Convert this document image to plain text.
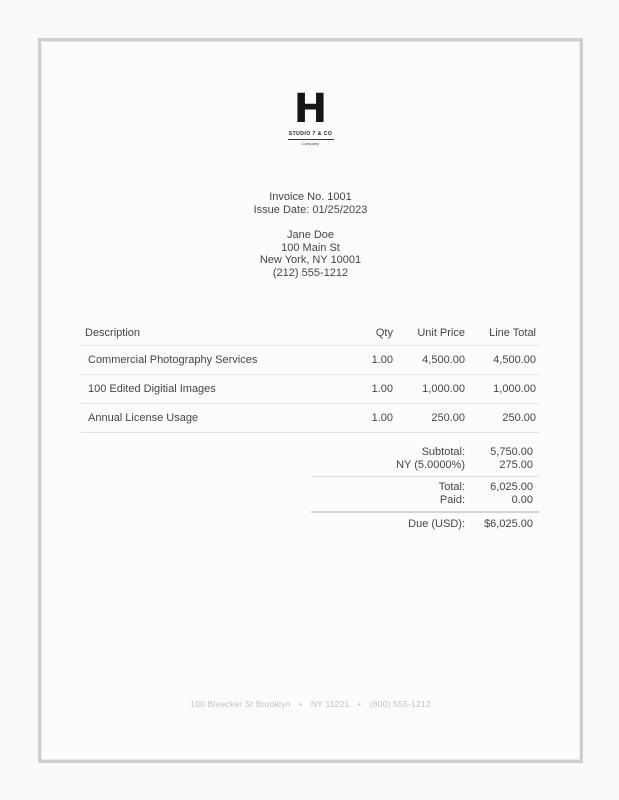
H
STUDIO 7 & CO
Company
Invoice No. 1001
Issue Date: 01/25/2023
Jane Doe
100 Main St
New York, NY 10001
(212) 555-1212
Description	Qty	Unit Price	Line Total
Commercial Photography Services	1.00	4,500.00	4,500.00
100 Edited Digitial Images	1.00	1,000.00	1,000.00
Annual License Usage	1.00	250.00	250.00
Subtotal:	5,750.00
NY (5.0000%)	275.00
Total:	6,025.00
Paid:	0.00
Due (USD):	$6,025.00
100 Bleecker St Brooklyn • NY 11221 • (800) 555-1212
